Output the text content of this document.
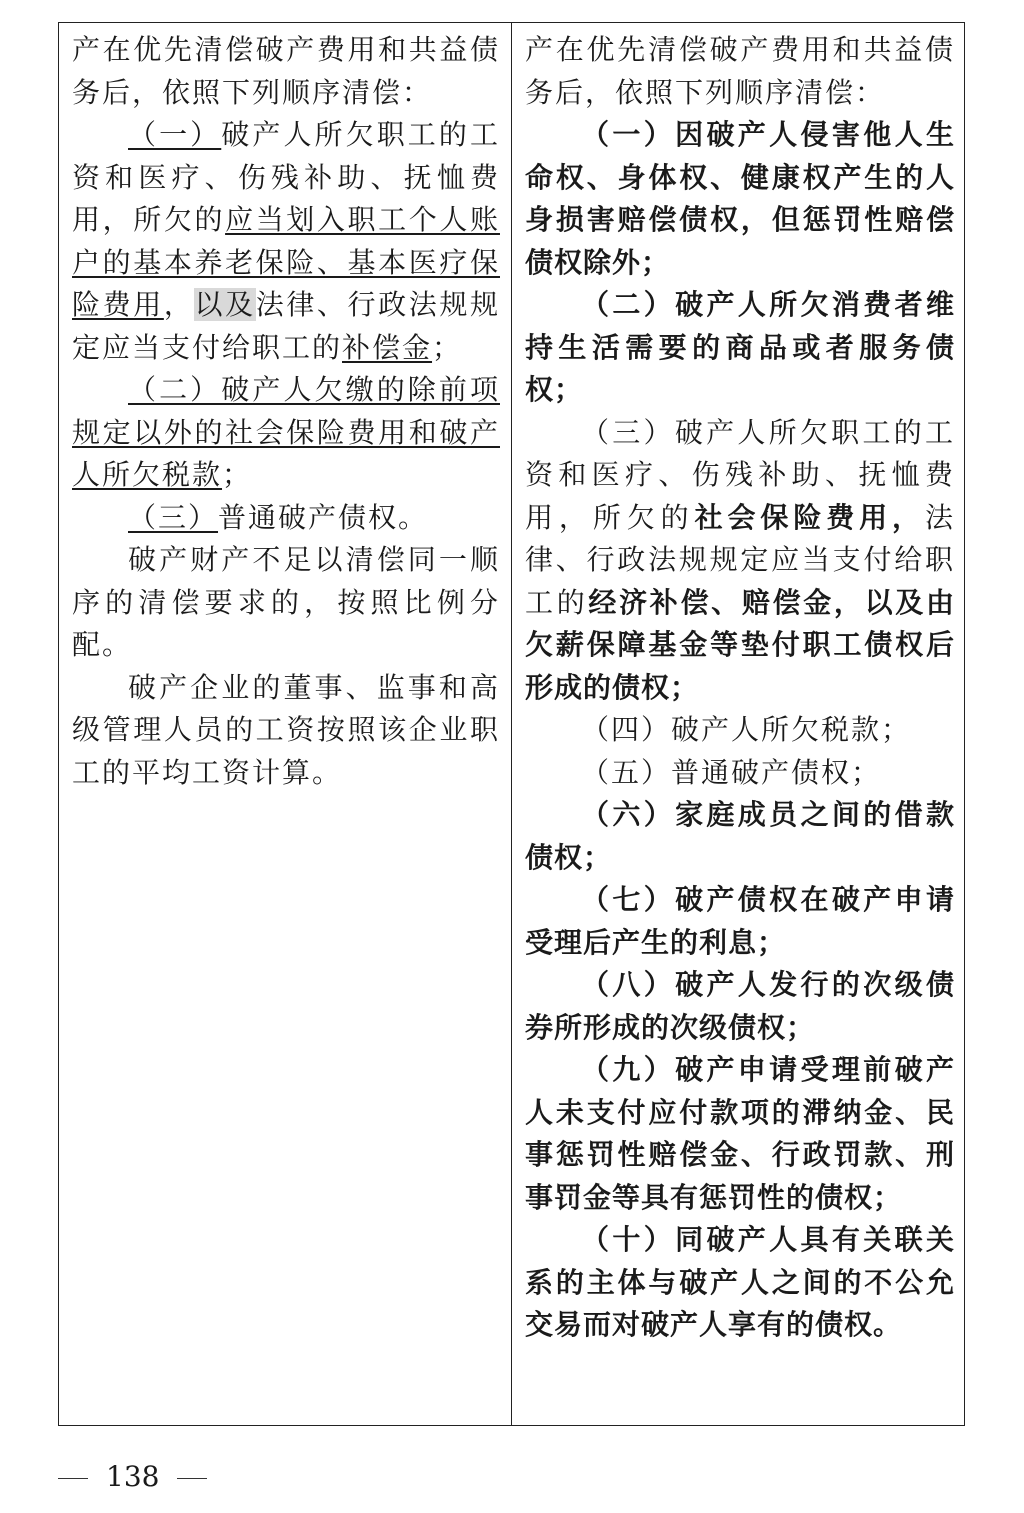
产在优先清偿破产费用和共益债务后，依照下列顺序清偿：

（一）破产人所欠职工的工资和医疗、伤残补助、抚恤费用，所欠的应当划入职工个人账户的基本养老保险、基本医疗保险费用，以及法律、行政法规规定应当支付给职工的补偿金；

（二）破产人欠缴的除前项规定以外的社会保险费用和破产人所欠税款；

（三）普通破产债权。

破产财产不足以清偿同一顺序的清偿要求的，按照比例分配。

破产企业的董事、监事和高级管理人员的工资按照该企业职工的平均工资计算。

产在优先清偿破产费用和共益债务后，依照下列顺序清偿：

（一）因破产人侵害他人生命权、身体权、健康权产生的人身损害赔偿债权，但惩罚性赔偿债权除外；

（二）破产人所欠消费者维持生活需要的商品或者服务债权；

（三）破产人所欠职工的工资和医疗、伤残补助、抚恤费用，所欠的社会保险费用，法律、行政法规规定应当支付给职工的经济补偿、赔偿金，以及由欠薪保障基金等垫付职工债权后形成的债权；

（四）破产人所欠税款；

（五）普通破产债权；

（六）家庭成员之间的借款债权；

（七）破产债权在破产申请受理后产生的利息；

（八）破产人发行的次级债券所形成的次级债权；

（九）破产申请受理前破产人未支付应付款项的滞纳金、民事惩罚性赔偿金、行政罚款、刑事罚金等具有惩罚性的债权；

（十）同破产人具有关联关系的主体与破产人之间的不公允交易而对破产人享有的债权。

138
